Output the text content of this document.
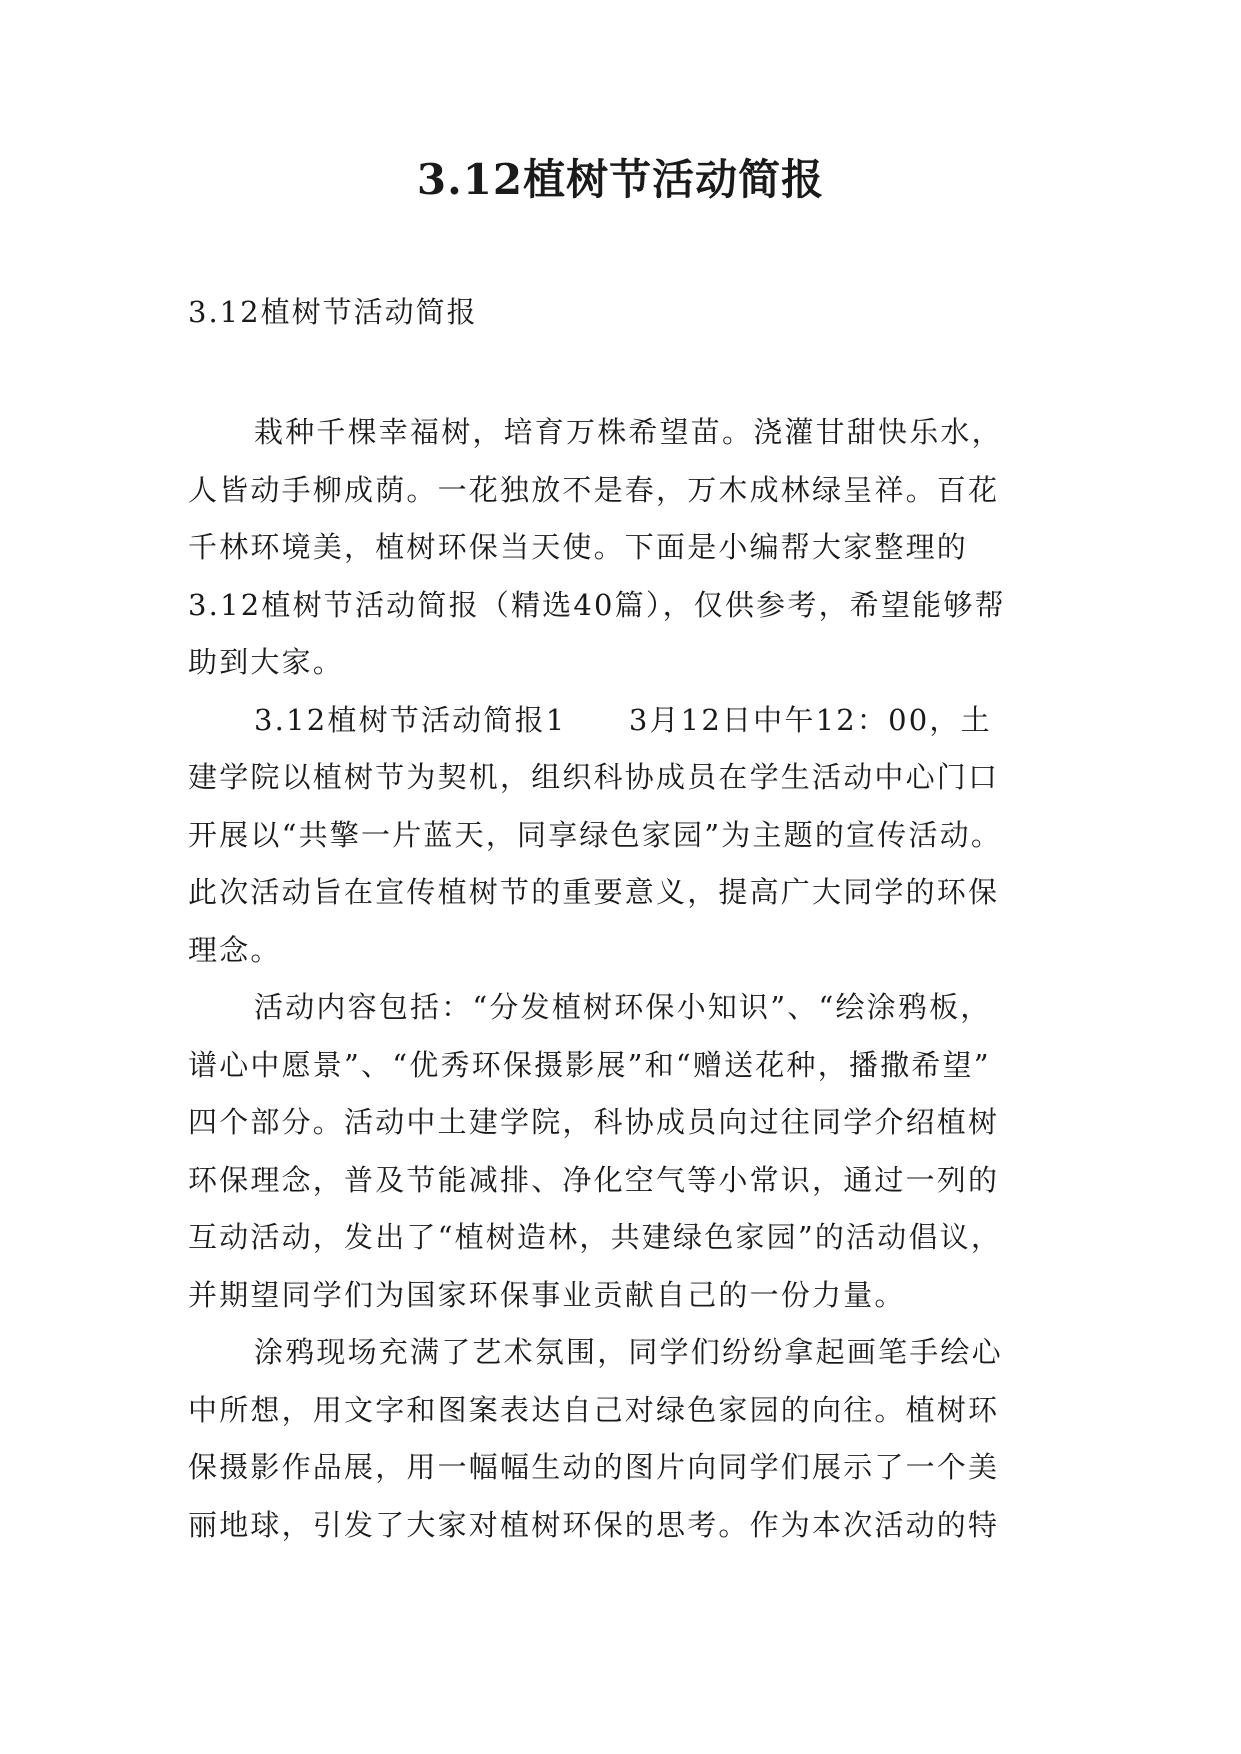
3.12植树节活动简报
3.12植树节活动简报
栽种千棵幸福树，培育万株希望苗。浇灌甘甜快乐水，
人皆动手柳成荫。一花独放不是春，万木成林绿呈祥。百花
千林环境美，植树环保当天使。下面是小编帮大家整理的
3.12植树节活动简报（精选40篇），仅供参考，希望能够帮
助到大家。
3.12植树节活动简报1　　3月12日中午12：00，土
建学院以植树节为契机，组织科协成员在学生活动中心门口
开展以“共擎一片蓝天，同享绿色家园”为主题的宣传活动。
此次活动旨在宣传植树节的重要意义，提高广大同学的环保
理念。
活动内容包括：“分发植树环保小知识”、“绘涂鸦板，
谱心中愿景”、“优秀环保摄影展”和“赠送花种，播撒希望”
四个部分。活动中土建学院，科协成员向过往同学介绍植树
环保理念，普及节能减排、净化空气等小常识，通过一列的
互动活动，发出了“植树造林，共建绿色家园”的活动倡议，
并期望同学们为国家环保事业贡献自己的一份力量。
涂鸦现场充满了艺术氛围，同学们纷纷拿起画笔手绘心
中所想，用文字和图案表达自己对绿色家园的向往。植树环
保摄影作品展，用一幅幅生动的图片向同学们展示了一个美
丽地球，引发了大家对植树环保的思考。作为本次活动的特
